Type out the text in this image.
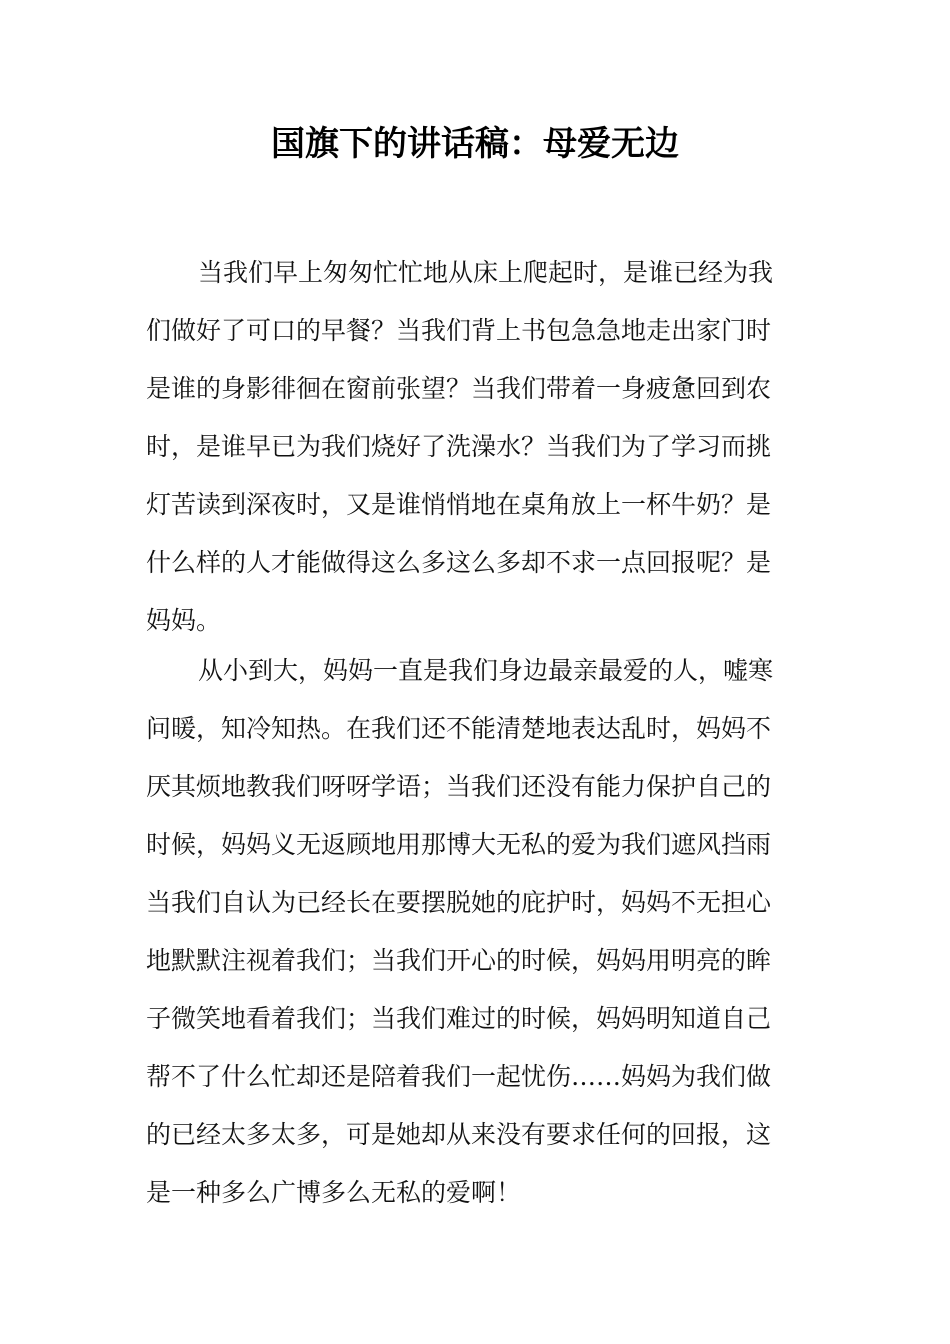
国旗下的讲话稿：母爱无边
当我们早上匆匆忙忙地从床上爬起时，是谁已经为我
们做好了可口的早餐？当我们背上书包急急地走出家门时
是谁的身影徘徊在窗前张望？当我们带着一身疲惫回到农
时，是谁早已为我们烧好了洗澡水？当我们为了学习而挑
灯苦读到深夜时，又是谁悄悄地在桌角放上一杯牛奶？是
什么样的人才能做得这么多这么多却不求一点回报呢？是
妈妈。
从小到大，妈妈一直是我们身边最亲最爱的人，嘘寒
问暖，知冷知热。在我们还不能清楚地表达乱时，妈妈不
厌其烦地教我们呀呀学语；当我们还没有能力保护自己的
时候，妈妈义无返顾地用那博大无私的爱为我们遮风挡雨
当我们自认为已经长在要摆脱她的庇护时，妈妈不无担心
地默默注视着我们；当我们开心的时候，妈妈用明亮的眸
子微笑地看着我们；当我们难过的时候，妈妈明知道自己
帮不了什么忙却还是陪着我们一起忧伤……妈妈为我们做
的已经太多太多，可是她却从来没有要求任何的回报，这
是一种多么广博多么无私的爱啊！
